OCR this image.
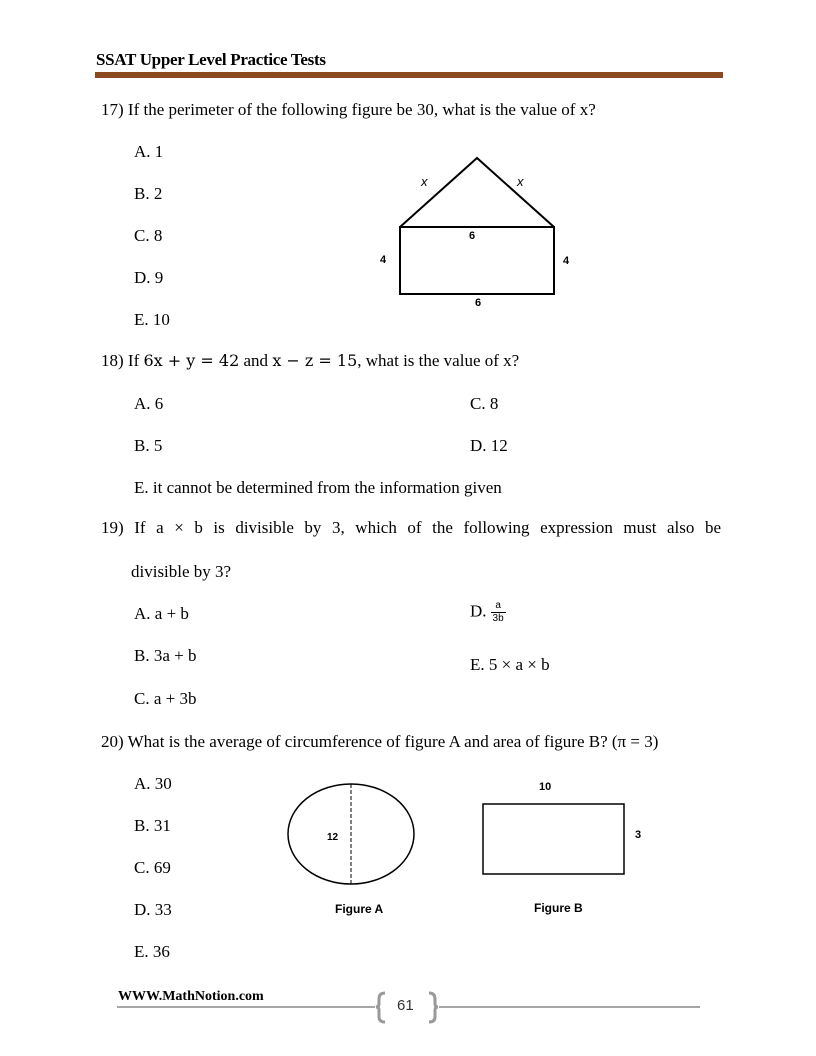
SSAT Upper Level Practice Tests
17) If the perimeter of the following figure be 30, what is the value of x?
A. 1
B. 2
C. 8
D. 9
E. 10
x	x
6
4	4
6
18) If 6x + y = 42 and x − z = 15, what is the value of x?
A. 6	C. 8
B. 5	D. 12
E. it cannot be determined from the information given
19) If a × b is divisible by 3, which of the following expression must also be
divisible by 3?
A. a + b	D. $\frac{a}{3b}$
B. 3a + b	E. 5 × a × b
C. a + 3b
20) What is the average of circumference of figure A and area of figure B? (π = 3)
A. 30
B. 31
C. 69
D. 33
E. 36
12
Figure A
10
3
Figure B
WWW.MathNotion.com
61
